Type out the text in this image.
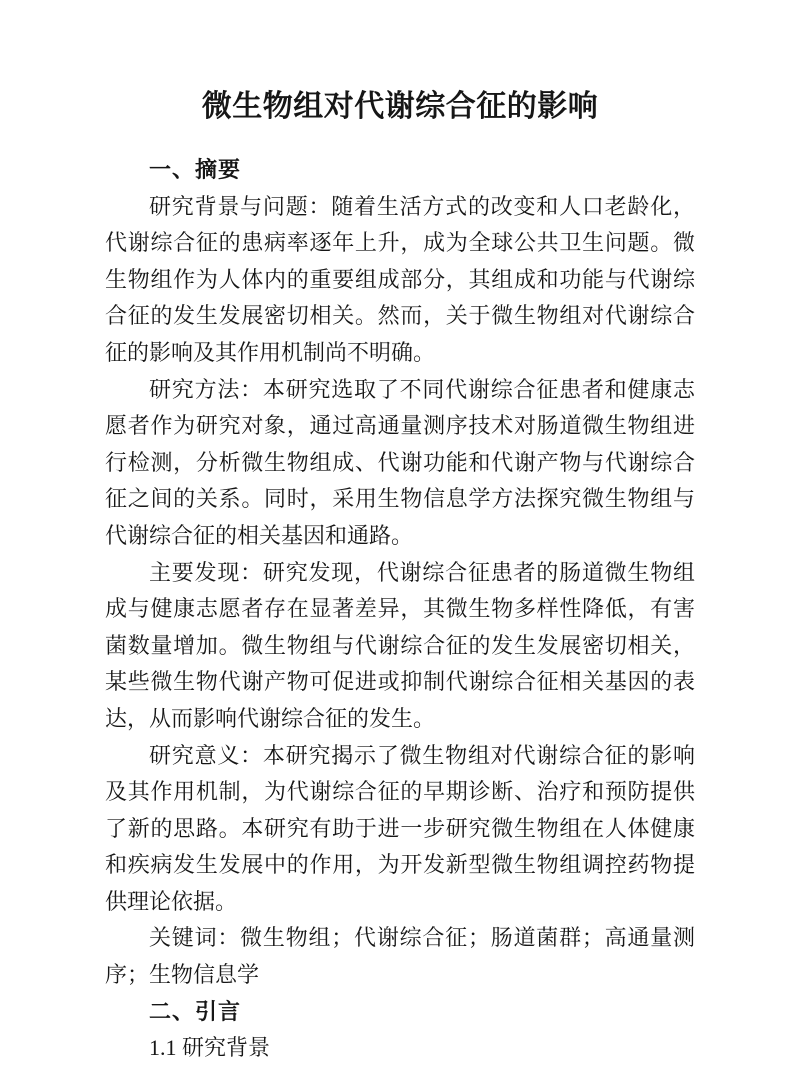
微生物组对代谢综合征的影响

一、摘要

研究背景与问题：随着生活方式的改变和人口老龄化，代谢综合征的患病率逐年上升，成为全球公共卫生问题。微生物组作为人体内的重要组成部分，其组成和功能与代谢综合征的发生发展密切相关。然而，关于微生物组对代谢综合征的影响及其作用机制尚不明确。

研究方法：本研究选取了不同代谢综合征患者和健康志愿者作为研究对象，通过高通量测序技术对肠道微生物组进行检测，分析微生物组成、代谢功能和代谢产物与代谢综合征之间的关系。同时，采用生物信息学方法探究微生物组与代谢综合征的相关基因和通路。

主要发现：研究发现，代谢综合征患者的肠道微生物组成与健康志愿者存在显著差异，其微生物多样性降低，有害菌数量增加。微生物组与代谢综合征的发生发展密切相关，某些微生物代谢产物可促进或抑制代谢综合征相关基因的表达，从而影响代谢综合征的发生。

研究意义：本研究揭示了微生物组对代谢综合征的影响及其作用机制，为代谢综合征的早期诊断、治疗和预防提供了新的思路。本研究有助于进一步研究微生物组在人体健康和疾病发生发展中的作用，为开发新型微生物组调控药物提供理论依据。

关键词：微生物组；代谢综合征；肠道菌群；高通量测序；生物信息学

二、引言

1.1 研究背景
